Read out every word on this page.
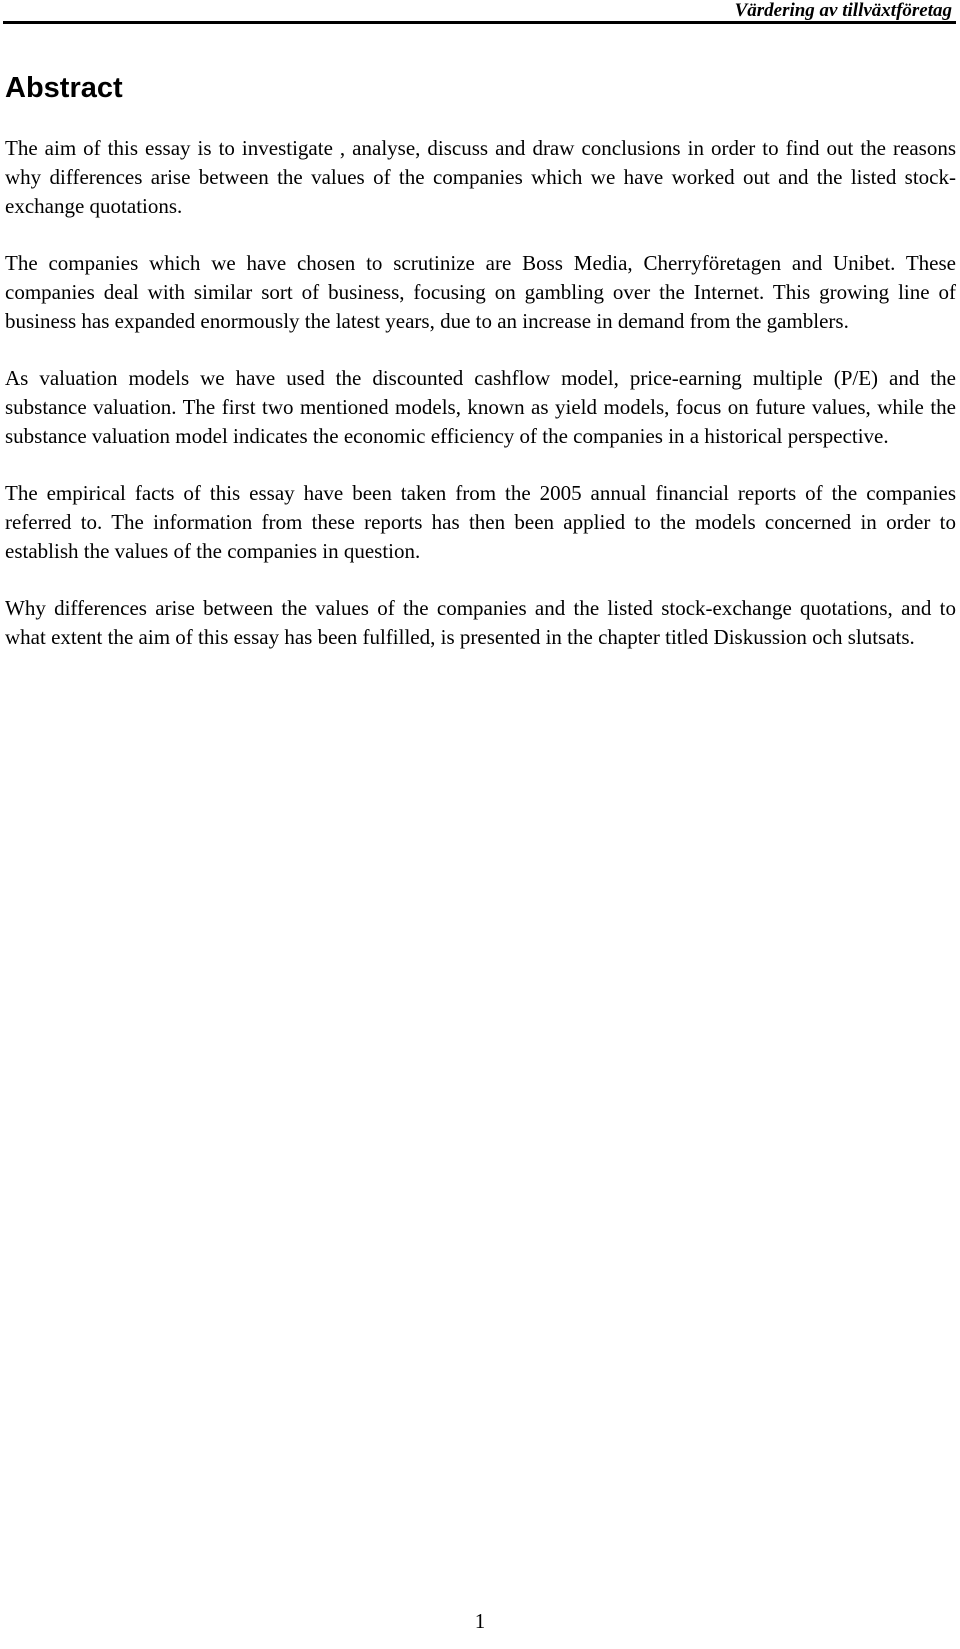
Värdering av tillväxtföretag
Abstract

The aim of this essay is to investigate , analyse, discuss and draw conclusions in order to find out the reasons why differences arise between the values of the companies which we have worked out and the listed stock-exchange quotations.

The companies which we have chosen to scrutinize are Boss Media, Cherryföretagen and Unibet. These companies deal with similar sort of business, focusing on gambling over the Internet. This growing line of business has expanded enormously the latest years, due to an increase in demand from the gamblers.

As valuation models we have used the discounted cashflow model, price-earning multiple (P/E) and the substance valuation. The first two mentioned models, known as yield models, focus on future values, while the substance valuation model indicates the economic efficiency of the companies in a historical perspective.

The empirical facts of this essay have been taken from the 2005 annual financial reports of the companies referred to. The information from these reports has then been applied to the models concerned in order to establish the values of the companies in question.

Why differences arise between the values of the companies and the listed stock-exchange quotations, and to what extent the aim of this essay has been fulfilled, is presented in the chapter titled Diskussion och slutsats.

1
